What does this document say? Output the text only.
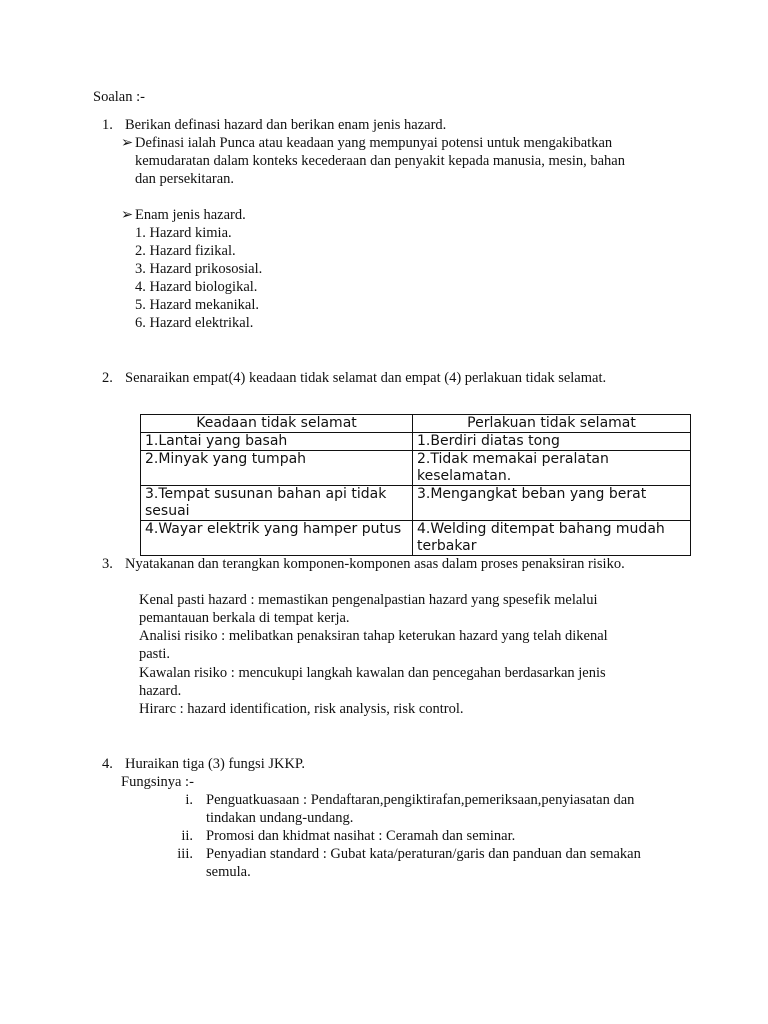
Soalan :-
1. Berikan definasi hazard dan berikan enam jenis hazard.
➢ Definasi ialah Punca atau keadaan yang mempunyai potensi untuk mengakibatkan
kemudaratan dalam konteks kecederaan dan penyakit kepada manusia, mesin, bahan
dan persekitaran.
➢ Enam jenis hazard.
1. Hazard kimia.
2. Hazard fizikal.
3. Hazard prikososial.
4. Hazard biologikal.
5. Hazard mekanikal.
6. Hazard elektrikal.
2. Senaraikan empat(4) keadaan tidak selamat dan empat (4) perlakuan tidak selamat.
Keadaan tidak selamat	Perlakuan tidak selamat
1.Lantai yang basah	1.Berdiri diatas tong
2.Minyak yang tumpah	2.Tidak memakai peralatan keselamatan.
3.Tempat susunan bahan api tidak sesuai	3.Mengangkat beban yang berat
4.Wayar elektrik yang hamper putus	4.Welding ditempat bahang mudah terbakar
3. Nyatakanan dan terangkan komponen-komponen asas dalam proses penaksiran risiko.
Kenal pasti hazard : memastikan pengenalpastian hazard yang spesefik melalui
pemantauan berkala di tempat kerja.
Analisi risiko : melibatkan penaksiran tahap keterukan hazard yang telah dikenal
pasti.
Kawalan risiko : mencukupi langkah kawalan dan pencegahan berdasarkan jenis
hazard.
Hirarc : hazard identification, risk analysis, risk control.
4. Huraikan tiga (3) fungsi JKKP.
Fungsinya :-
i. Penguatkuasaan : Pendaftaran,pengiktirafan,pemeriksaan,penyiasatan dan
tindakan undang-undang.
ii. Promosi dan khidmat nasihat : Ceramah dan seminar.
iii. Penyadian standard : Gubat kata/peraturan/garis dan panduan dan semakan
semula.
